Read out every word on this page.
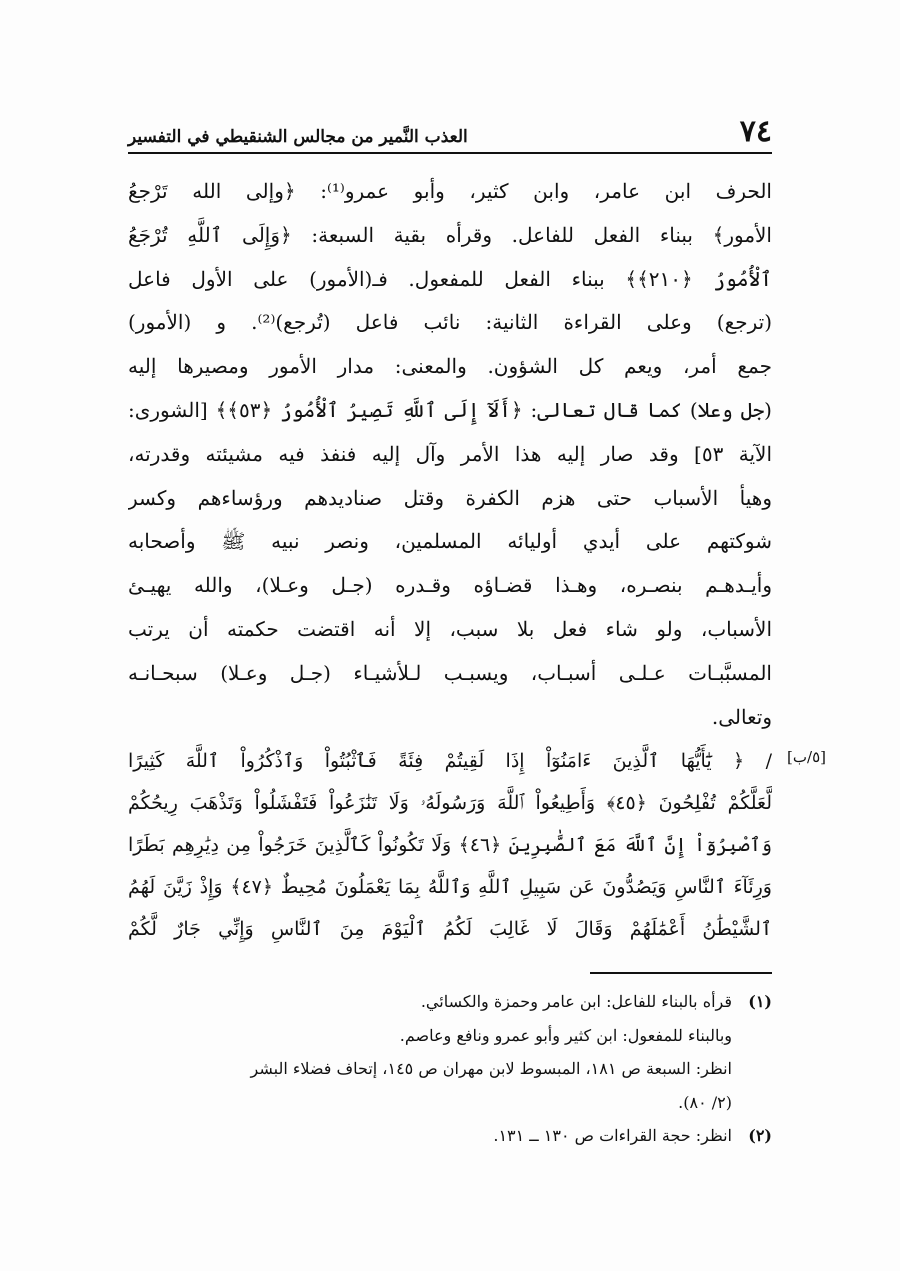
٧٤
العذب النَّمير من مجالس الشنقيطي في التفسير
الحرف ابن عامر، وابن كثير، وأبو عمرو⁽¹⁾: ﴿وإلى الله تَرْجعُ
الأمور﴾ ببناء الفعل للفاعل. وقرأه بقية السبعة: ﴿وَإِلَى ٱللَّهِ تُرْجَعُ
ٱلْأُمُورُ ﴿٢١٠﴾﴾ ببناء الفعل للمفعول. فـ(الأمور) على الأول فاعل
(ترجع) وعلى القراءة الثانية: نائب فاعل (تُرجع)⁽²⁾. و (الأمور)
جمع أمر، ويعم كل الشؤون. والمعنى: مدار الأمور ومصيرها إليه
(جل وعلا) كما قال تعالى: ﴿أَلَآ إِلَى ٱللَّهِ تَصِيرُ ٱلْأُمُورُ ﴿٥٣﴾﴾ [الشورى:
الآية ٥٣] وقد صار إليه هذا الأمر وآل إليه فنفذ فيه مشيئته وقدرته،
وهيأ الأسباب حتى هزم الكفرة وقتل صناديدهم ورؤساءهم وكسر
شوكتهم على أيدي أوليائه المسلمين، ونصر نبيه ﷺ وأصحابه
وأيـدهـم بنصـره، وهـذا قضـاؤه وقـدره (جـل وعـلا)، والله يهيـئ
الأسباب، ولو شاء فعل بلا سبب، إلا أنه اقتضت حكمته أن يرتب
المسبَّبـات عـلـى أسبـاب، ويسبـب لـلأشيـاء (جـل وعـلا) سبحـانـه
وتعالى.
[٥/ب]
/ ﴿ يَٰٓأَيُّهَا ٱلَّذِينَ ءَامَنُوٓاْ إِذَا لَقِيتُمْ فِئَةً فَٱثْبُتُواْ وَٱذْكُرُواْ ٱللَّهَ كَثِيرًا
لَّعَلَّكُمْ تُفْلِحُونَ ﴿٤٥﴾ وَأَطِيعُواْ ٱللَّهَ وَرَسُولَهُۥ وَلَا تَنَٰزَعُواْ فَتَفْشَلُواْ وَتَذْهَبَ رِيحُكُمْ
وَٱصْبِرُوٓاْ إِنَّ ٱللَّهَ مَعَ ٱلصَّٰبِرِينَ ﴿٤٦﴾ وَلَا تَكُونُواْ كَٱلَّذِينَ خَرَجُواْ مِن دِيَٰرِهِم بَطَرًا
وَرِئَآءَ ٱلنَّاسِ وَيَصُدُّونَ عَن سَبِيلِ ٱللَّهِ وَٱللَّهُ بِمَا يَعْمَلُونَ مُحِيطٌ ﴿٤٧﴾ وَإِذْ زَيَّنَ لَهُمُ
ٱلشَّيْطَٰنُ أَعْمَٰلَهُمْ وَقَالَ لَا غَالِبَ لَكُمُ ٱلْيَوْمَ مِنَ ٱلنَّاسِ وَإِنِّي جَارٌ لَّكُمْ
(١)قرأه بالبناء للفاعل: ابن عامر وحمزة والكسائي.
وبالبناء للمفعول: ابن كثير وأبو عمرو ونافع وعاصم.
انظر: السبعة ص ١٨١، المبسوط لابن مهران ص ١٤٥، إتحاف فضلاء البشر
(٢/ ٨٠).
(٢)انظر: حجة القراءات ص ١٣٠ ــ ١٣١.
